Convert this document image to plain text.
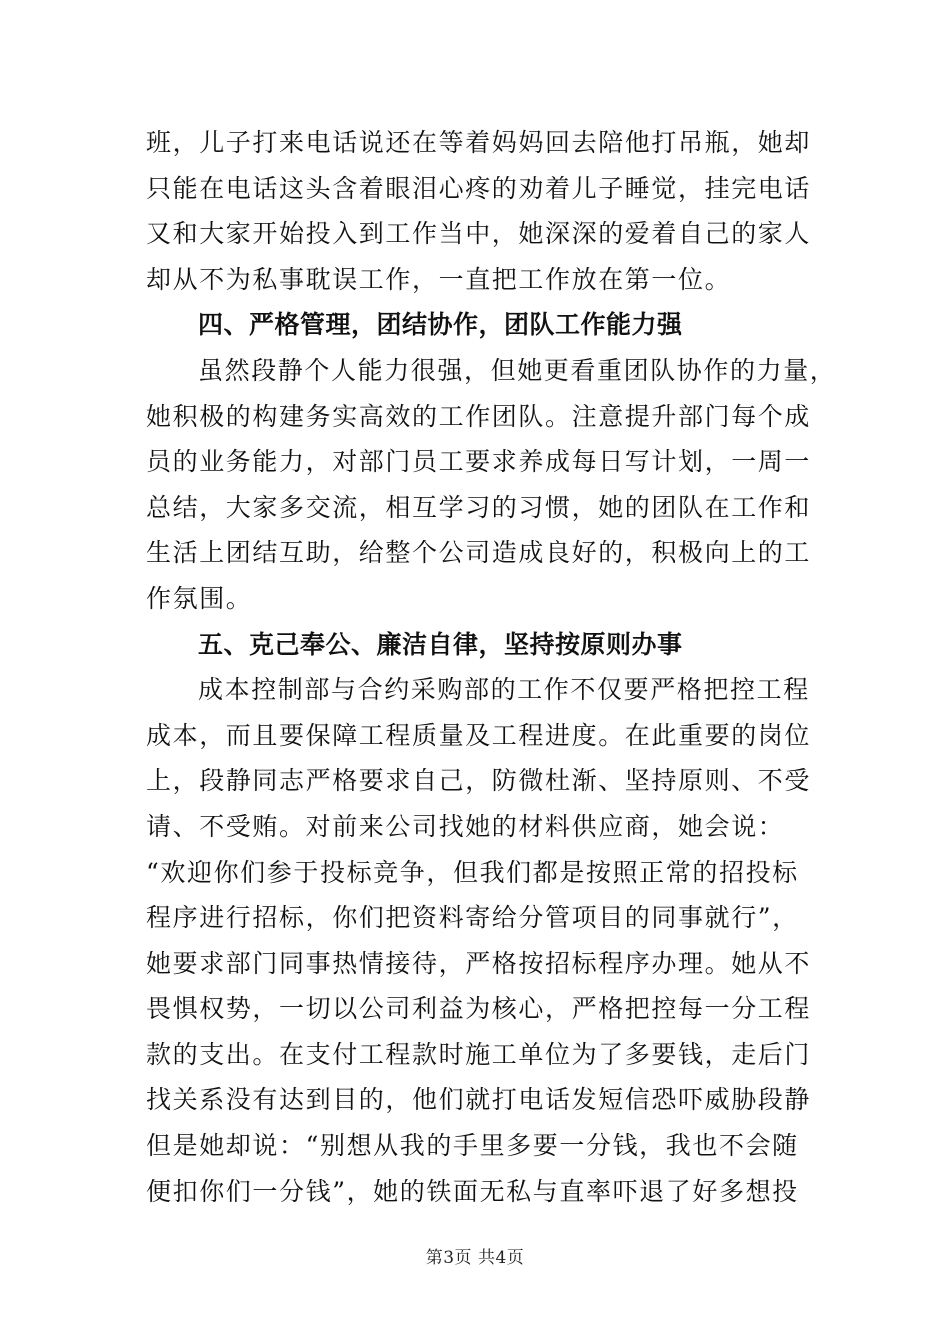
班，儿子打来电话说还在等着妈妈回去陪他打吊瓶，她却
只能在电话这头含着眼泪心疼的劝着儿子睡觉，挂完电话
又和大家开始投入到工作当中，她深深的爱着自己的家人
却从不为私事耽误工作，一直把工作放在第一位。
四、严格管理，团结协作，团队工作能力强
虽然段静个人能力很强，但她更看重团队协作的力量，
她积极的构建务实高效的工作团队。注意提升部门每个成
员的业务能力，对部门员工要求养成每日写计划，一周一
总结，大家多交流，相互学习的习惯，她的团队在工作和
生活上团结互助，给整个公司造成良好的，积极向上的工
作氛围。
五、克己奉公、廉洁自律，坚持按原则办事
成本控制部与合约采购部的工作不仅要严格把控工程
成本，而且要保障工程质量及工程进度。在此重要的岗位
上，段静同志严格要求自己，防微杜渐、坚持原则、不受
请、不受贿。对前来公司找她的材料供应商，她会说：
“欢迎你们参于投标竞争，但我们都是按照正常的招投标
程序进行招标，你们把资料寄给分管项目的同事就行”，
她要求部门同事热情接待，严格按招标程序办理。她从不
畏惧权势，一切以公司利益为核心，严格把控每一分工程
款的支出。在支付工程款时施工单位为了多要钱，走后门
找关系没有达到目的，他们就打电话发短信恐吓威胁段静
但是她却说：“别想从我的手里多要一分钱，我也不会随
便扣你们一分钱”，她的铁面无私与直率吓退了好多想投
第3页 共4页
